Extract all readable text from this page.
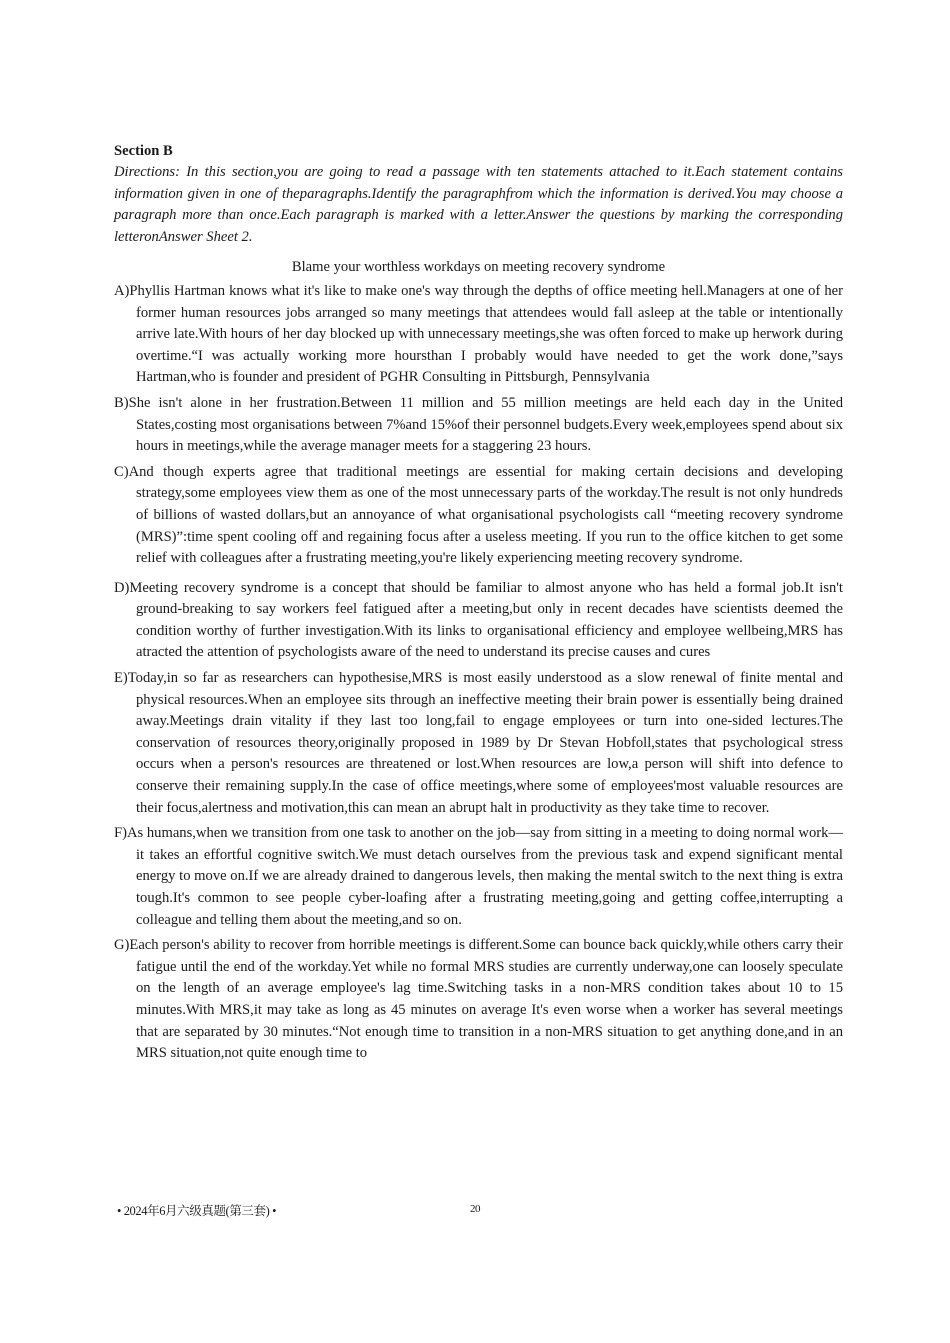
Section B
Directions: In this section,you are going to read a passage with ten statements attached to it.Each statement contains information given in one of theparagraphs.Identify the paragraphfrom which the information is derived.You may choose a paragraph more than once.Each paragraph is marked with a letter.Answer the questions by marking the corresponding letteronAnswer Sheet 2.
Blame your worthless workdays on meeting recovery syndrome

A)Phyllis Hartman knows what it's like to make one's way through the depths of office meeting hell.Managers at one of her former human resources jobs arranged so many meetings that attendees would fall asleep at the table or intentionally arrive late.With hours of her day blocked up with unnecessary meetings,she was often forced to make up herwork during overtime.“I was actually working more hoursthan I probably would have needed to get the work done,”says Hartman,who is founder and president of PGHR Consulting in Pittsburgh, Pennsylvania

B)She isn't alone in her frustration.Between 11 million and 55 million meetings are held each day in the United States,costing most organisations between 7%and 15%of their personnel budgets.Every week,employees spend about six hours in meetings,while the average manager meets for a staggering 23 hours.

C)And though experts agree that traditional meetings are essential for making certain decisions and developing strategy,some employees view them as one of the most unnecessary parts of the workday.The result is not only hundreds of billions of wasted dollars,but an annoyance of what organisational psychologists call “meeting recovery syndrome (MRS)”:time spent cooling off and regaining focus after a useless meeting. If you run to the office kitchen to get some relief with colleagues after a frustrating meeting,you're likely experiencing meeting recovery syndrome.

D)Meeting recovery syndrome is a concept that should be familiar to almost anyone who has held a formal job.It isn't ground-breaking to say workers feel fatigued after a meeting,but only in recent decades have scientists deemed the condition worthy of further investigation.With its links to organisational efficiency and employee wellbeing,MRS has atracted the attention of psychologists aware of the need to understand its precise causes and cures

E)Today,in so far as researchers can hypothesise,MRS is most easily understood as a slow renewal of finite mental and physical resources.When an employee sits through an ineffective meeting their brain power is essentially being drained away.Meetings drain vitality if they last too long,fail to engage employees or turn into one-sided lectures.The conservation of resources theory,originally proposed in 1989 by Dr Stevan Hobfoll,states that psychological stress occurs when a person's resources are threatened or lost.When resources are low,a person will shift into defence to conserve their remaining supply.In the case of office meetings,where some of employees'most valuable resources are their focus,alertness and motivation,this can mean an abrupt halt in productivity as they take time to recover.

F)As humans,when we transition from one task to another on the job—say from sitting in a meeting to doing normal work—it takes an effortful cognitive switch.We must detach ourselves from the previous task and expend significant mental energy to move on.If we are already drained to dangerous levels, then making the mental switch to the next thing is extra tough.It's common to see people cyber-loafing after a frustrating meeting,going and getting coffee,interrupting a colleague and telling them about the meeting,and so on.

G)Each person's ability to recover from horrible meetings is different.Some can bounce back quickly,while others carry their fatigue until the end of the workday.Yet while no formal MRS studies are currently underway,one can loosely speculate on the length of an average employee's lag time.Switching tasks in a non-MRS condition takes about 10 to 15 minutes.With MRS,it may take as long as 45 minutes on average It's even worse when a worker has several meetings that are separated by 30 minutes.“Not enough time to transition in a non-MRS situation to get anything done,and in an MRS situation,not quite enough time to

• 2024年6月六级真题(第三套) •	20
